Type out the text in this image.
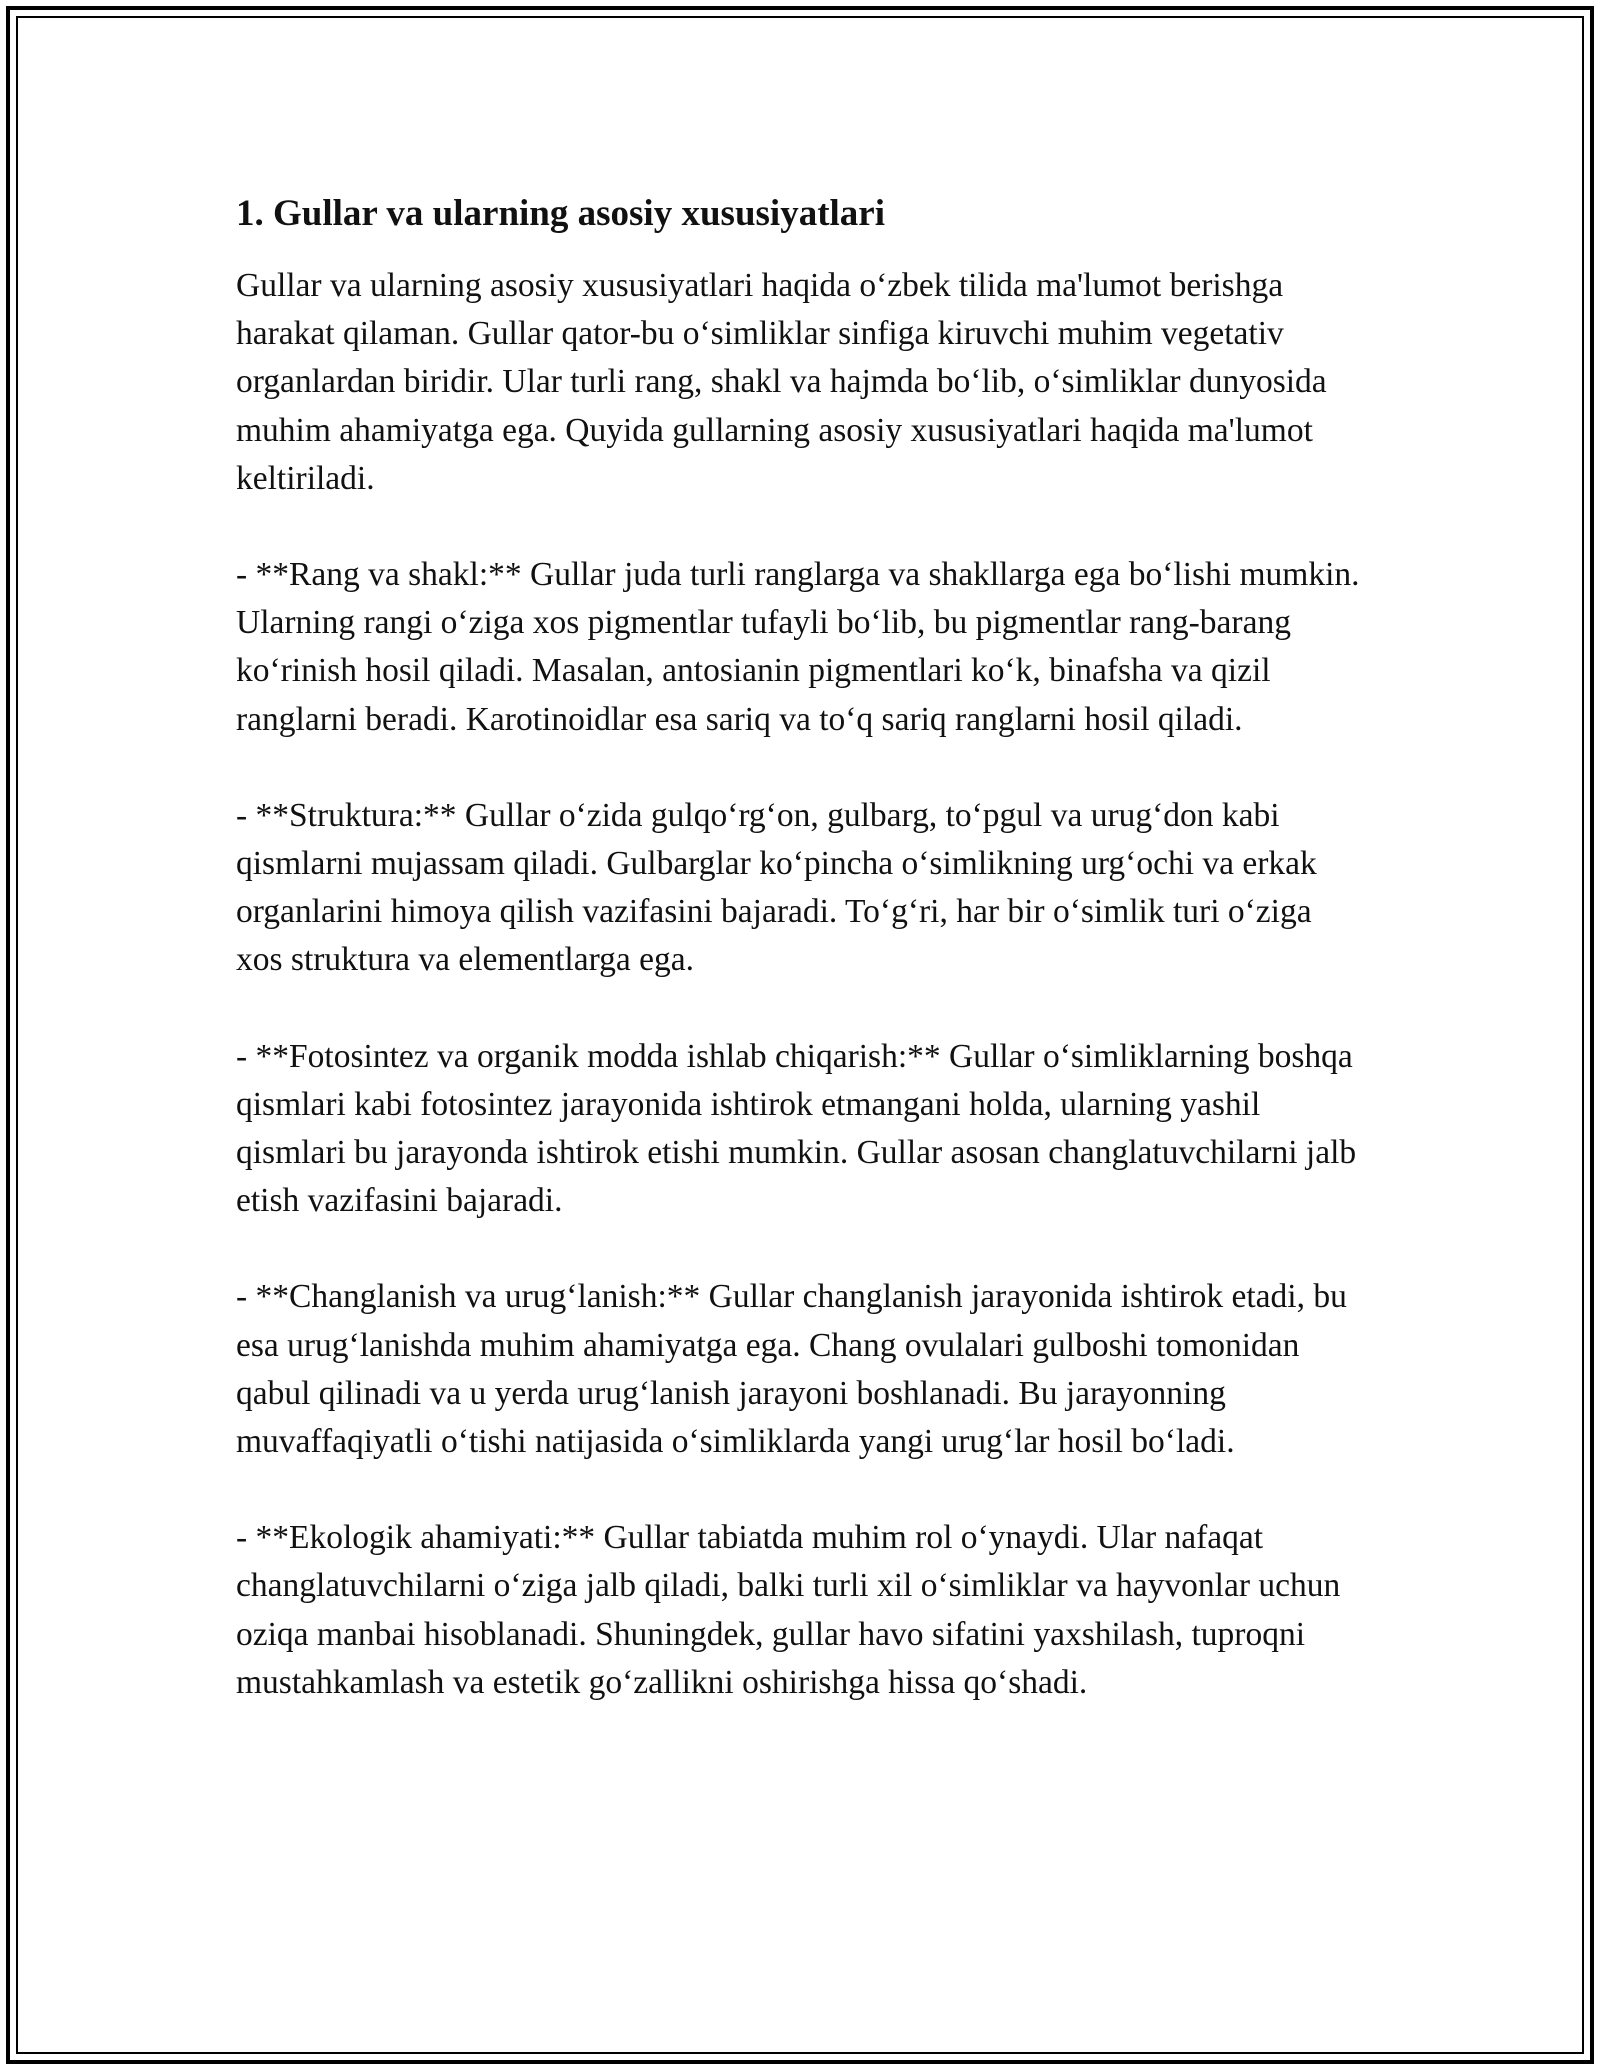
1. Gullar va ularning asosiy xususiyatlari

Gullar va ularning asosiy xususiyatlari haqida o‘zbek tilida ma'lumot berishga harakat qilaman. Gullar qator-bu o‘simliklar sinfiga kiruvchi muhim vegetativ organlardan biridir. Ular turli rang, shakl va hajmda bo‘lib, o‘simliklar dunyosida muhim ahamiyatga ega. Quyida gullarning asosiy xususiyatlari haqida ma'lumot keltiriladi.

- **Rang va shakl:** Gullar juda turli ranglarga va shakllarga ega bo‘lishi mumkin. Ularning rangi o‘ziga xos pigmentlar tufayli bo‘lib, bu pigmentlar rang-barang ko‘rinish hosil qiladi. Masalan, antosianin pigmentlari ko‘k, binafsha va qizil ranglarni beradi. Karotinoidlar esa sariq va to‘q sariq ranglarni hosil qiladi.

- **Struktura:** Gullar o‘zida gulqo‘rg‘on, gulbarg, to‘pgul va urug‘don kabi qismlarni mujassam qiladi. Gulbarglar ko‘pincha o‘simlikning urg‘ochi va erkak organlarini himoya qilish vazifasini bajaradi. To‘g‘ri, har bir o‘simlik turi o‘ziga xos struktura va elementlarga ega.

- **Fotosintez va organik modda ishlab chiqarish:** Gullar o‘simliklarning boshqa qismlari kabi fotosintez jarayonida ishtirok etmangani holda, ularning yashil qismlari bu jarayonda ishtirok etishi mumkin. Gullar asosan changlatuvchilarni jalb etish vazifasini bajaradi.

- **Changlanish va urug‘lanish:** Gullar changlanish jarayonida ishtirok etadi, bu esa urug‘lanishda muhim ahamiyatga ega. Chang ovulalari gulboshi tomonidan qabul qilinadi va u yerda urug‘lanish jarayoni boshlanadi. Bu jarayonning muvaffaqiyatli o‘tishi natijasida o‘simliklarda yangi urug‘lar hosil bo‘ladi.

- **Ekologik ahamiyati:** Gullar tabiatda muhim rol o‘ynaydi. Ular nafaqat changlatuvchilarni o‘ziga jalb qiladi, balki turli xil o‘simliklar va hayvonlar uchun oziqa manbai hisoblanadi. Shuningdek, gullar havo sifatini yaxshilash, tuproqni mustahkamlash va estetik go‘zallikni oshirishga hissa qo‘shadi.
